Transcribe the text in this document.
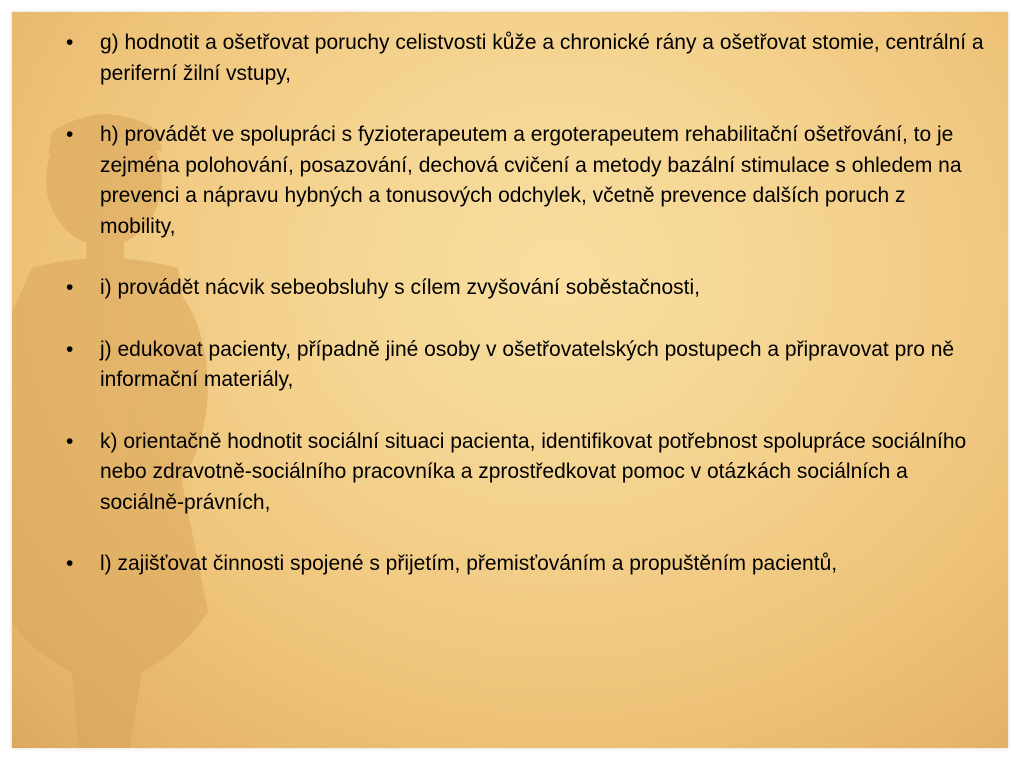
• g) hodnotit a ošetřovat poruchy celistvosti kůže a chronické rány a ošetřovat stomie, centrální a periferní žilní vstupy,
• h) provádět ve spolupráci s fyzioterapeutem a ergoterapeutem rehabilitační ošetřování, to je zejména polohování, posazování, dechová cvičení a metody bazální stimulace s ohledem na prevenci a nápravu hybných a tonusových odchylek, včetně prevence dalších poruch z mobility,
• i) provádět nácvik sebeobsluhy s cílem zvyšování soběstačnosti,
• j) edukovat pacienty, případně jiné osoby v ošetřovatelských postupech a připravovat pro ně informační materiály,
• k) orientačně hodnotit sociální situaci pacienta, identifikovat potřebnost spolupráce sociálního nebo zdravotně-sociálního pracovníka a zprostředkovat pomoc v otázkách sociálních a sociálně-právních,
• l) zajišťovat činnosti spojené s přijetím, přemisťováním a propuštěním pacientů,
